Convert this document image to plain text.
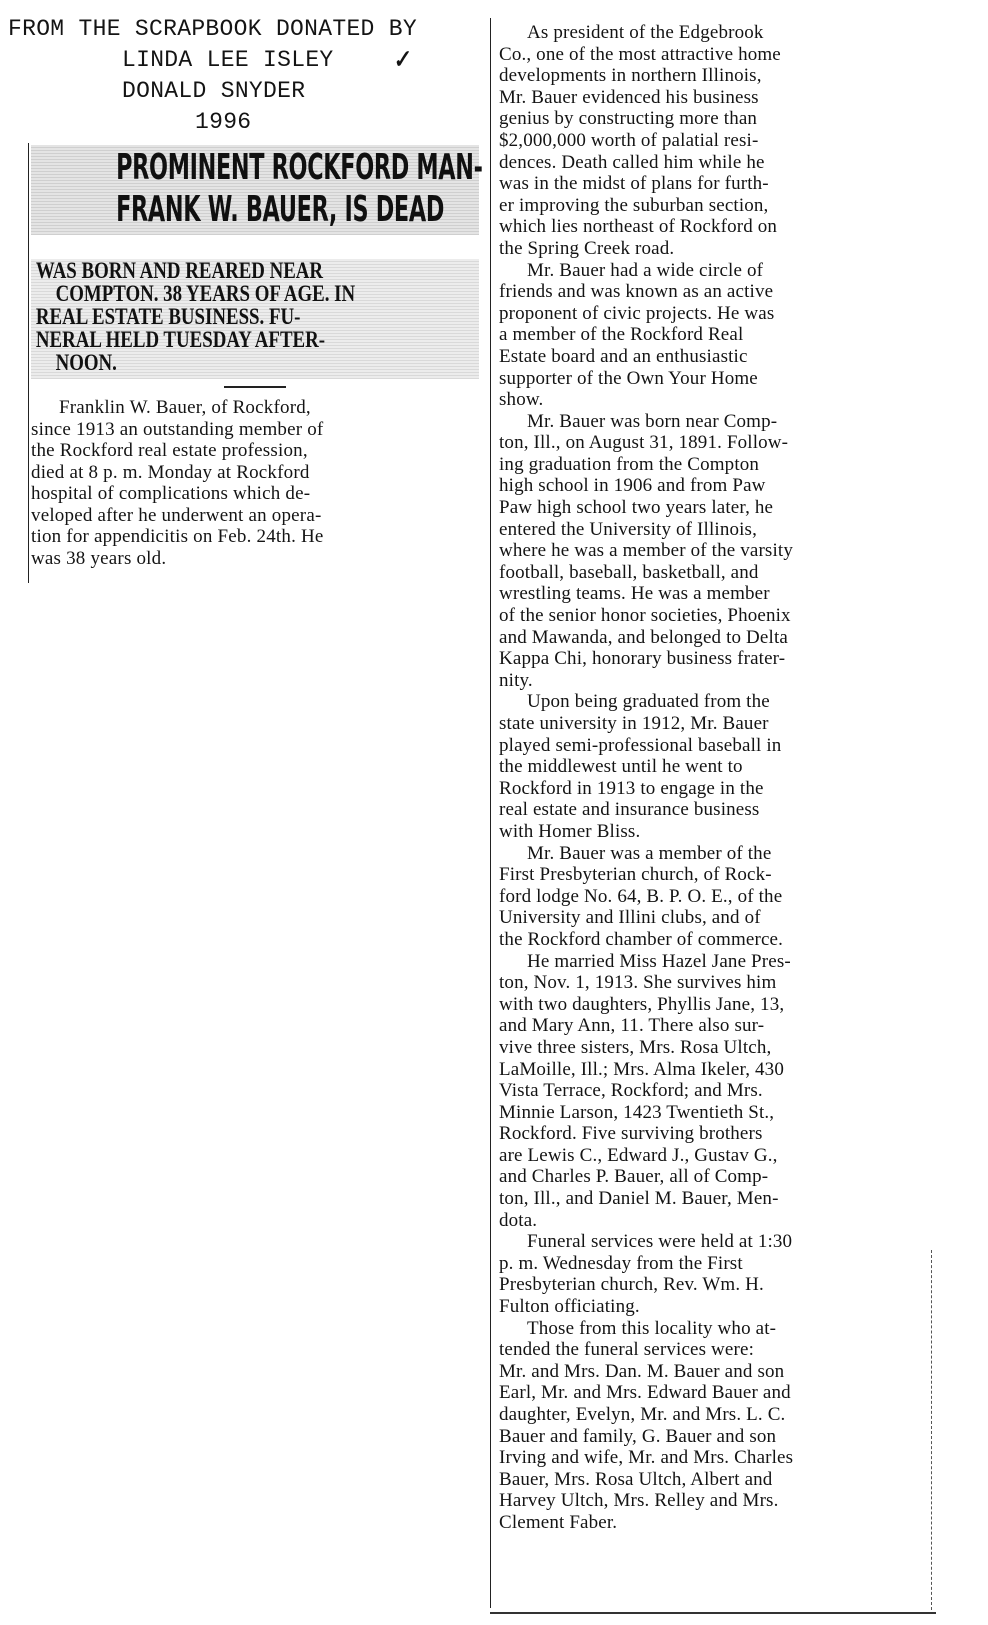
FROM THE SCRAPBOOK DONATED BY
LINDA LEE ISLEY
DONALD SNYDER
1996
✓
PROMINENT ROCKFORD MAN-
FRANK W. BAUER, IS DEAD
WAS BORN AND REARED NEAR
COMPTON. 38 YEARS OF AGE. IN
REAL ESTATE BUSINESS. FU-
NERAL HELD TUESDAY AFTER-
NOON.
Franklin W. Bauer, of Rockford,
since 1913 an outstanding member of
the Rockford real estate profession,
died at 8 p. m. Monday at Rockford
hospital of complications which de-
veloped after he underwent an opera-
tion for appendicitis on Feb. 24th. He
was 38 years old.
As president of the Edgebrook
Co., one of the most attractive home
developments in northern Illinois,
Mr. Bauer evidenced his business
genius by constructing more than
$2,000,000 worth of palatial resi-
dences. Death called him while he
was in the midst of plans for furth-
er improving the suburban section,
which lies northeast of Rockford on
the Spring Creek road.
Mr. Bauer had a wide circle of
friends and was known as an active
proponent of civic projects. He was
a member of the Rockford Real
Estate board and an enthusiastic
supporter of the Own Your Home
show.
Mr. Bauer was born near Comp-
ton, Ill., on August 31, 1891. Follow-
ing graduation from the Compton
high school in 1906 and from Paw
Paw high school two years later, he
entered the University of Illinois,
where he was a member of the varsity
football, baseball, basketball, and
wrestling teams. He was a member
of the senior honor societies, Phoenix
and Mawanda, and belonged to Delta
Kappa Chi, honorary business frater-
nity.
Upon being graduated from the
state university in 1912, Mr. Bauer
played semi-professional baseball in
the middlewest until he went to
Rockford in 1913 to engage in the
real estate and insurance business
with Homer Bliss.
Mr. Bauer was a member of the
First Presbyterian church, of Rock-
ford lodge No. 64, B. P. O. E., of the
University and Illini clubs, and of
the Rockford chamber of commerce.
He married Miss Hazel Jane Pres-
ton, Nov. 1, 1913. She survives him
with two daughters, Phyllis Jane, 13,
and Mary Ann, 11. There also sur-
vive three sisters, Mrs. Rosa Ultch,
LaMoille, Ill.; Mrs. Alma Ikeler, 430
Vista Terrace, Rockford; and Mrs.
Minnie Larson, 1423 Twentieth St.,
Rockford. Five surviving brothers
are Lewis C., Edward J., Gustav G.,
and Charles P. Bauer, all of Comp-
ton, Ill., and Daniel M. Bauer, Men-
dota.
Funeral services were held at 1:30
p. m. Wednesday from the First
Presbyterian church, Rev. Wm. H.
Fulton officiating.
Those from this locality who at-
tended the funeral services were:
Mr. and Mrs. Dan. M. Bauer and son
Earl, Mr. and Mrs. Edward Bauer and
daughter, Evelyn, Mr. and Mrs. L. C.
Bauer and family, G. Bauer and son
Irving and wife, Mr. and Mrs. Charles
Bauer, Mrs. Rosa Ultch, Albert and
Harvey Ultch, Mrs. Relley and Mrs.
Clement Faber.
